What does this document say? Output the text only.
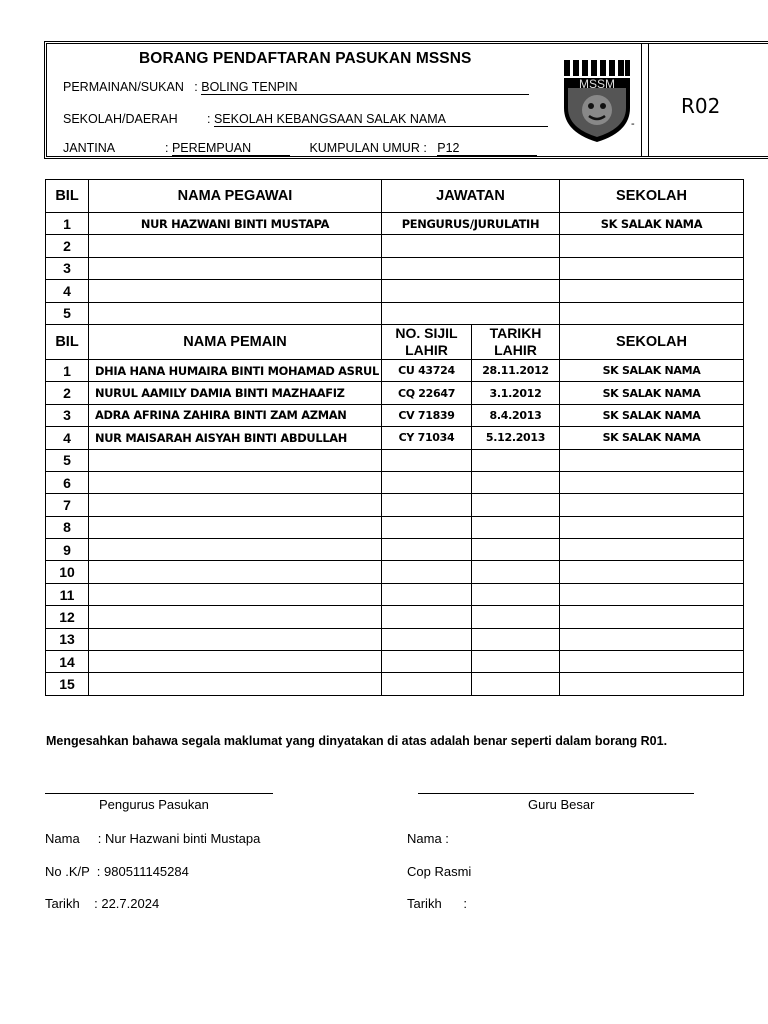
BORANG PENDAFTARAN PASUKAN MSSNS
PERMAINAN/SUKAN   : BOLING TENPIN
SEKOLAH/DAERAH : SEKOLAH KEBANGSAAN SALAK NAMA
JANTINA	: PEREMPUAN	KUMPULAN UMUR : P12
MSSM
-
R02
BIL	NAMA PEGAWAI	JAWATAN		SEKOLAH
1	NUR HAZWANI BINTI MUSTAPA	PENGURUS/JURULATIH		SK SALAK NAMA
2				
3				
4				
5				
BIL	NAMA PEMAIN	NO. SIJIL LAHIR	TARIKH LAHIR	SEKOLAH
1	DHIA HANA HUMAIRA BINTI MOHAMAD ASRUL	CU 43724	28.11.2012	SK SALAK NAMA
2	NURUL AAMILY DAMIA BINTI MAZHAAFIZ	CQ 22647	3.1.2012	SK SALAK NAMA
3	ADRA AFRINA ZAHIRA BINTI ZAM AZMAN	CV 71839	8.4.2013	SK SALAK NAMA
4	NUR MAISARAH AISYAH BINTI ABDULLAH	CY 71034	5.12.2013	SK SALAK NAMA
5				
6				
7				
8				
9				
10				
11				
12				
13				
14				
15				
Mengesahkan bahawa segala maklumat yang dinyatakan di atas adalah benar seperti dalam borang R01.
Pengurus Pasukan
Nama     : Nur Hazwani binti Mustapa
No .K/P  : 980511145284
Tarikh    : 22.7.2024
Guru Besar
Nama :
Cop Rasmi
Tarikh      :
